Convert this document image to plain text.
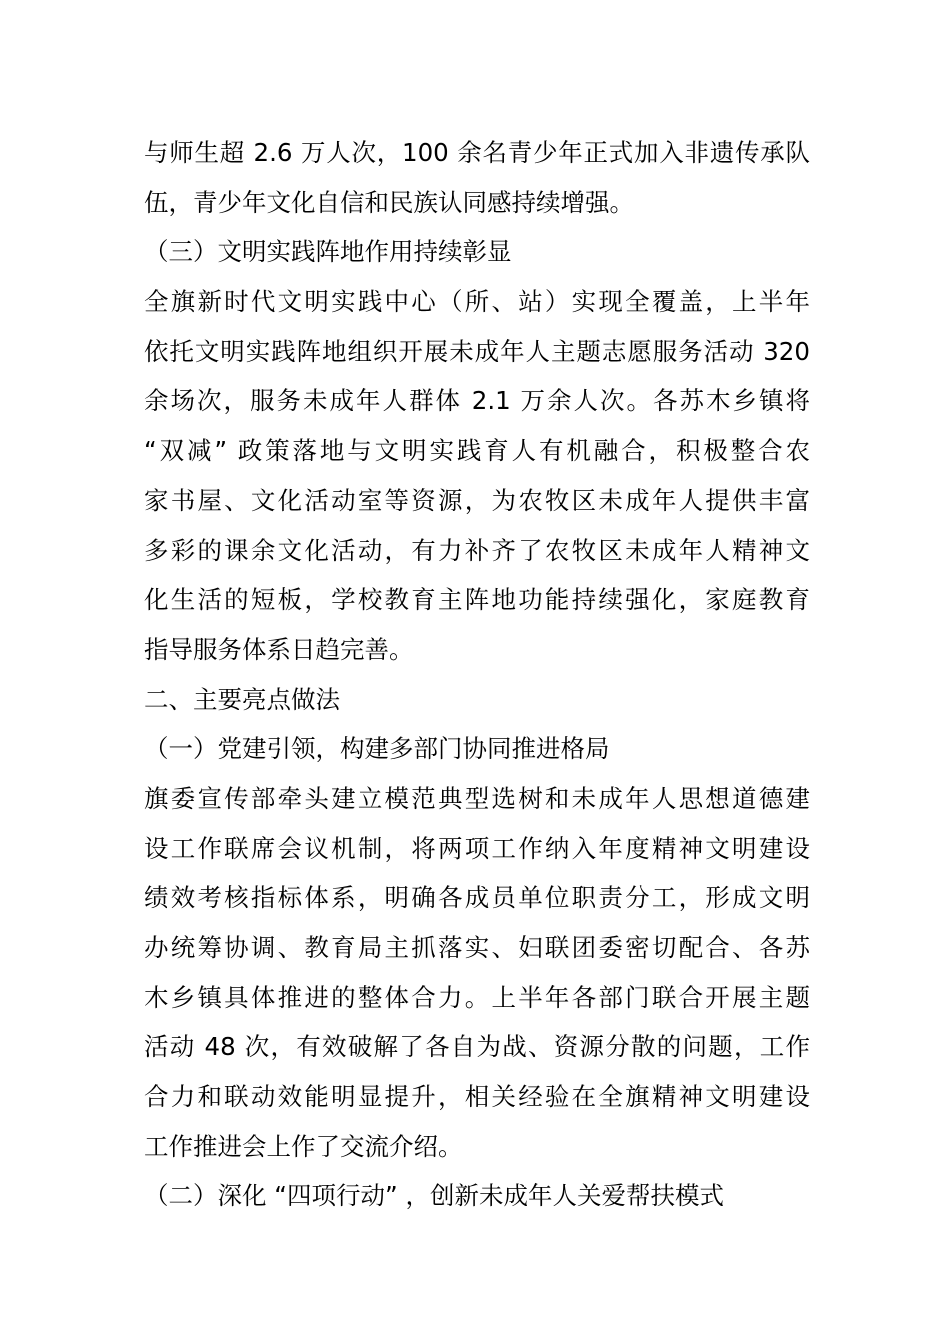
与师生超 2.6 万人次，100 余名青少年正式加入非遗传承队
伍，青少年文化自信和民族认同感持续增强。
（三）文明实践阵地作用持续彰显
全旗新时代文明实践中心（所、站）实现全覆盖，上半年
依托文明实践阵地组织开展未成年人主题志愿服务活动 320
余场次，服务未成年人群体 2.1 万余人次。各苏木乡镇将
“双减” 政策落地与文明实践育人有机融合，积极整合农
家书屋、文化活动室等资源，为农牧区未成年人提供丰富
多彩的课余文化活动，有力补齐了农牧区未成年人精神文
化生活的短板，学校教育主阵地功能持续强化，家庭教育
指导服务体系日趋完善。
二、主要亮点做法
（一）党建引领，构建多部门协同推进格局
旗委宣传部牵头建立模范典型选树和未成年人思想道德建
设工作联席会议机制，将两项工作纳入年度精神文明建设
绩效考核指标体系，明确各成员单位职责分工，形成文明
办统筹协调、教育局主抓落实、妇联团委密切配合、各苏
木乡镇具体推进的整体合力。上半年各部门联合开展主题
活动 48 次，有效破解了各自为战、资源分散的问题，工作
合力和联动效能明显提升，相关经验在全旗精神文明建设
工作推进会上作了交流介绍。
（二）深化 “四项行动” ，创新未成年人关爱帮扶模式
